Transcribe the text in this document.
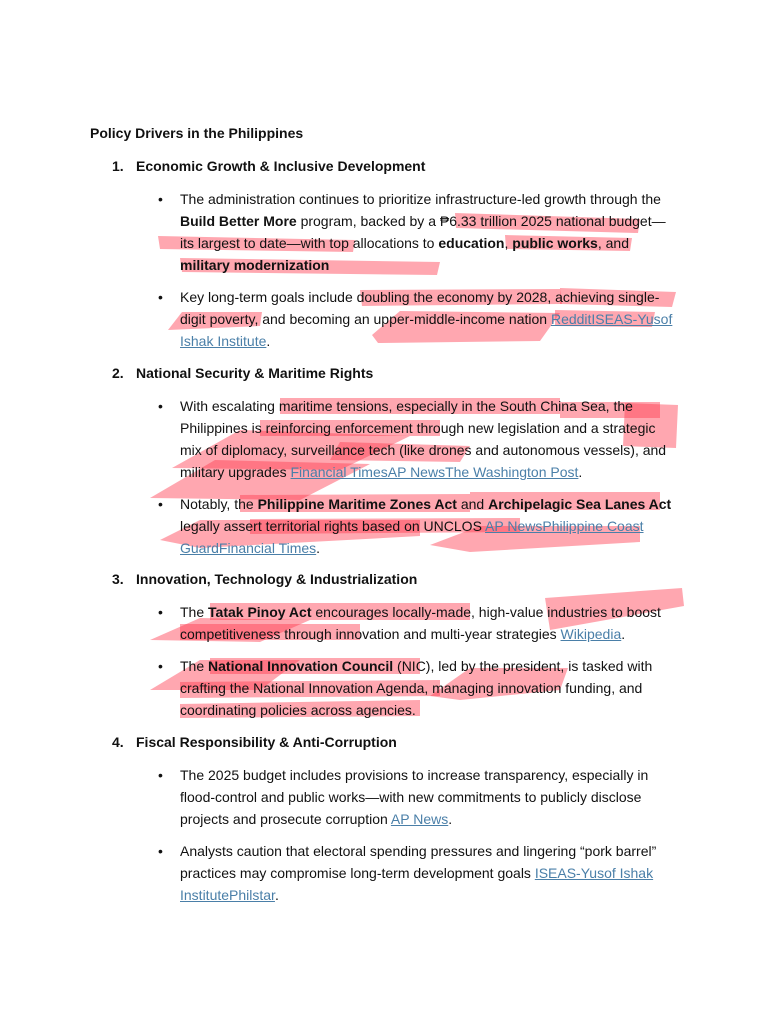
Policy Drivers in the Philippines
1. Economic Growth & Inclusive Development
•	The administration continues to prioritize infrastructure-led growth through the Build Better More program, backed by a ₱6.33 trillion 2025 national budget—its largest to date—with top allocations to education, public works, and military modernization
•	Key long-term goals include doubling the economy by 2028, achieving single-digit poverty, and becoming an upper-middle-income nation RedditISEAS-Yusof Ishak Institute.
2. National Security & Maritime Rights
•	With escalating maritime tensions, especially in the South China Sea, the Philippines is reinforcing enforcement through new legislation and a strategic mix of diplomacy, surveillance tech (like drones and autonomous vessels), and military upgrades Financial TimesAP NewsThe Washington Post.
•	Notably, the Philippine Maritime Zones Act and Archipelagic Sea Lanes Act legally assert territorial rights based on UNCLOS AP NewsPhilippine Coast GuardFinancial Times.
3. Innovation, Technology & Industrialization
•	The Tatak Pinoy Act encourages locally-made, high-value industries to boost competitiveness through innovation and multi-year strategies Wikipedia.
•	The National Innovation Council (NIC), led by the president, is tasked with crafting the National Innovation Agenda, managing innovation funding, and coordinating policies across agencies.
4. Fiscal Responsibility & Anti-Corruption
•	The 2025 budget includes provisions to increase transparency, especially in flood-control and public works—with new commitments to publicly disclose projects and prosecute corruption AP News.
•	Analysts caution that electoral spending pressures and lingering “pork barrel” practices may compromise long-term development goals ISEAS-Yusof Ishak InstitutePhilstar.
